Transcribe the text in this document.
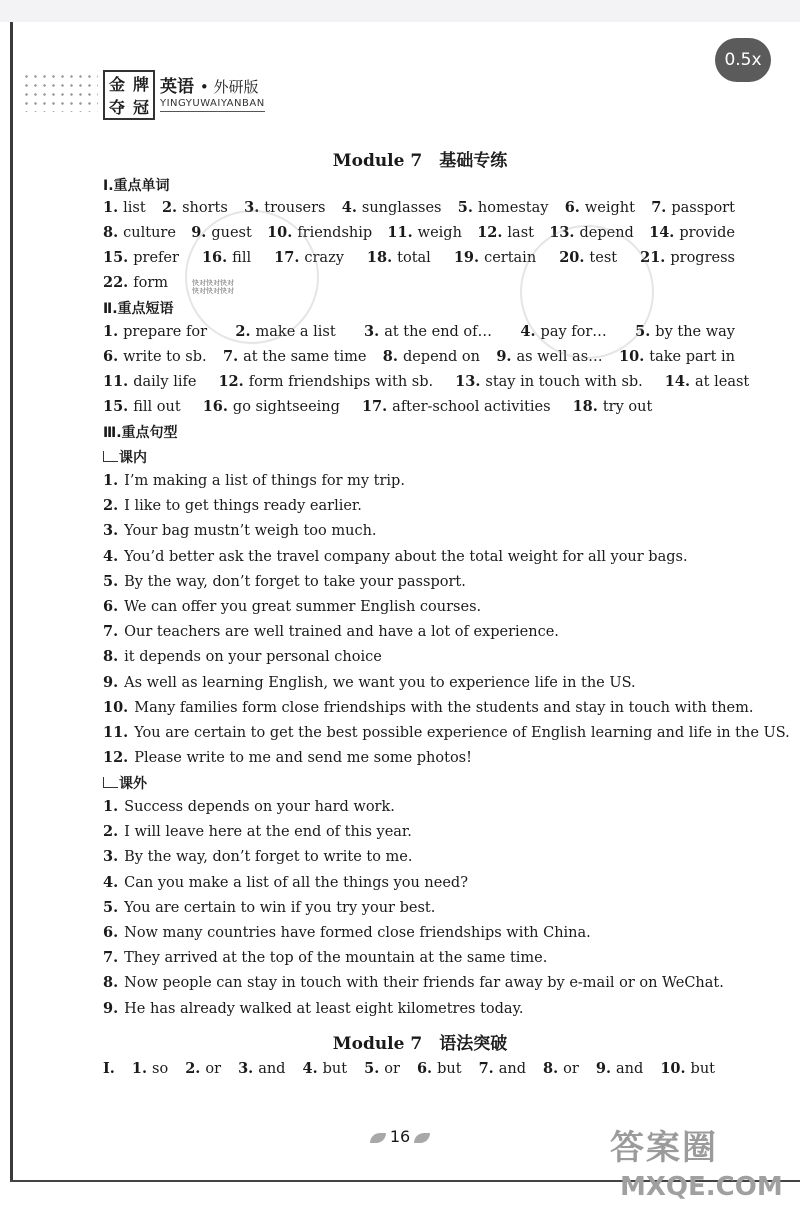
金 牌
夺 冠
英语 • 外研版
YINGYUWAIYANBAN
0.5x
Module 7　基础专练
Ⅰ.重点单词
1. list 2. shorts 3. trousers 4. sunglasses 5. homestay 6. weight 7. passport
8. culture 9. guest 10. friendship 11. weigh 12. last 13. depend 14. provide
15. prefer 16. fill 17. crazy 18. total 19. certain 20. test 21. progress
22. form	快对快对快对
快对快对快对
Ⅱ.重点短语
1. prepare for 2. make a list 3. at the end of… 4. pay for… 5. by the way
6. write to sb. 7. at the same time 8. depend on 9. as well as… 10. take part in
11. daily life 12. form friendships with sb. 13. stay in touch with sb. 14. at least
15. fill out 16. go sightseeing 17. after-school activities 18. try out
Ⅲ.重点句型
课内
1. I’m making a list of things for my trip.
2. I like to get things ready earlier.
3. Your bag mustn’t weigh too much.
4. You’d better ask the travel company about the total weight for all your bags.
5. By the way, don’t forget to take your passport.
6. We can offer you great summer English courses.
7. Our teachers are well trained and have a lot of experience.
8. it depends on your personal choice
9. As well as learning English, we want you to experience life in the US.
10. Many families form close friendships with the students and stay in touch with them.
11. You are certain to get the best possible experience of English learning and life in the US.
12. Please write to me and send me some photos!
课外
1. Success depends on your hard work.
2. I will leave here at the end of this year.
3. By the way, don’t forget to write to me.
4. Can you make a list of all the things you need?
5. You are certain to win if you try your best.
6. Now many countries have formed close friendships with China.
7. They arrived at the top of the mountain at the same time.
8. Now people can stay in touch with their friends far away by e-mail or on WeChat.
9. He has already walked at least eight kilometres today.
Module 7　语法突破
Ⅰ. 1. so 2. or 3. and 4. but 5. or 6. but 7. and 8. or 9. and 10. but
16	答案圈
MXQE.COM
